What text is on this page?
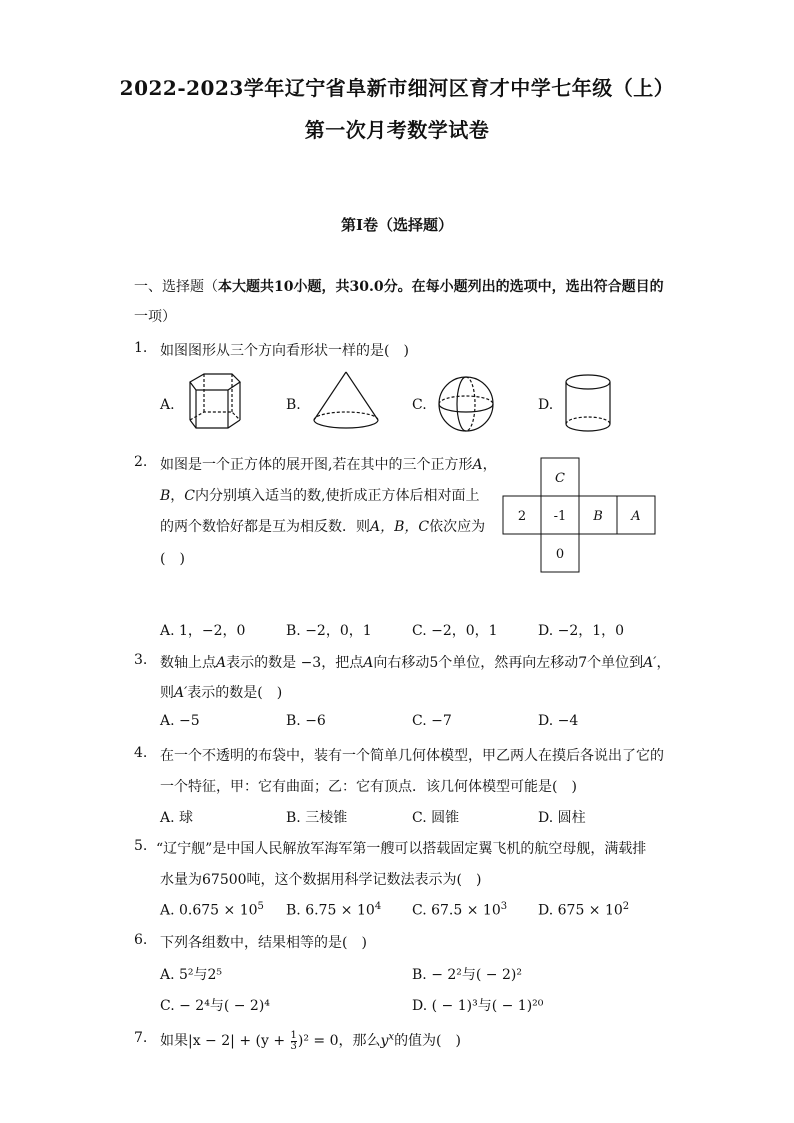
2022-2023学年辽宁省阜新市细河区育才中学七年级（上）
第一次月考数学试卷
第I卷（选择题）
一、选择题（本大题共10小题，共30.0分。在每小题列出的选项中，选出符合题目的
一项）
1. 如图图形从三个方向看形状一样的是(　)
A.	B.	C.	D.
2. 如图是一个正方体的展开图,若在其中的三个正方形A，
B，C内分别填入适当的数,使折成正方体后相对面上
的两个数恰好都是互为相反数．则A，B，C依次应为
(　)
C
2 -1 B A
0
A. 1，−2，0	B. −2，0，1	C. −2，0，1	D. −2，1，0
3. 数轴上点A表示的数是 −3，把点A向右移动5个单位，然再向左移动7个单位到A′，
则A′表示的数是(　)
A. −5	B. −6	C. −7	D. −4
4. 在一个不透明的布袋中，装有一个简单几何体模型，甲乙两人在摸后各说出了它的
一个特征，甲：它有曲面；乙：它有顶点．该几何体模型可能是(　)
A. 球	B. 三棱锥	C. 圆锥	D. 圆柱
5. “辽宁舰”是中国人民解放军海军第一艘可以搭载固定翼飞机的航空母舰，满载排
水量为67500吨，这个数据用科学记数法表示为(　)
A. $0.675 \times 10^5$ B. $6.75 \times 10^4$ C. $67.5 \times 10^3$ D. $675 \times 10^2$
6. 下列各组数中，结果相等的是(　)
A. 5²与2⁵	B. − 2²与( − 2)²
C. − 2⁴与( − 2)⁴	D. ( − 1)³与( − 1)²⁰
7. 如果$|x - 2| + (y + \frac{1}{3} )^2 = 0$，那么$y^x$的值为(　)
